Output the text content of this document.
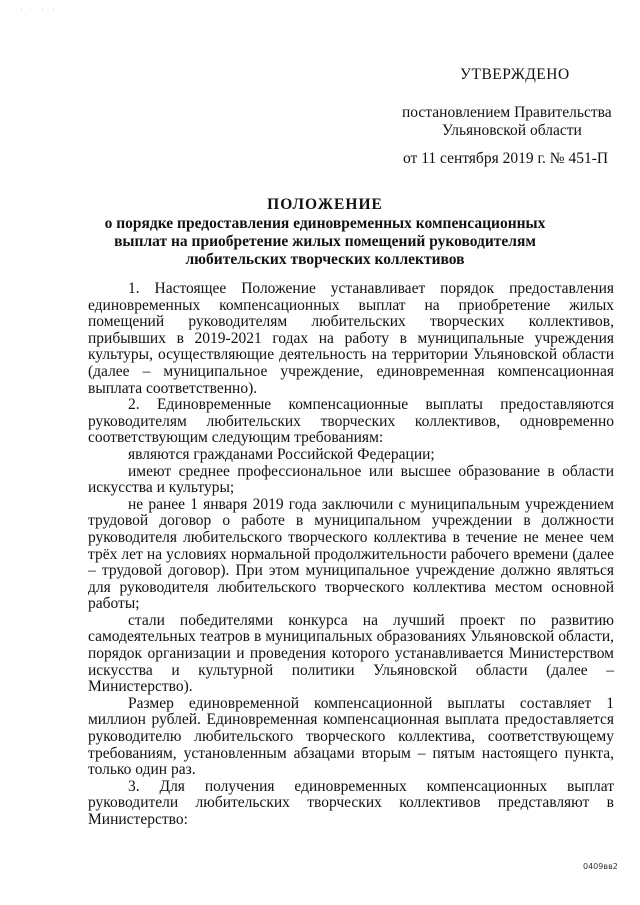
· · · ·
УТВЕРЖДЕНО
постановлением Правительства
Ульяновской области
от 11 сентября 2019 г. № 451-П
ПОЛОЖЕНИЕ
о порядке предоставления единовременных компенсационных выплат на приобретение жилых помещений руководителям любительских творческих коллективов

1. Настоящее Положение устанавливает порядок предоставления единовременных компенсационных выплат на приобретение жилых помещений руководителям любительских творческих коллективов, прибывших в 2019-2021 годах на работу в муниципальные учреждения культуры, осуществляющие деятельность на территории Ульяновской области (далее – муниципальное учреждение, единовременная компенсационная выплата соответственно).

2. Единовременные компенсационные выплаты предоставляются руководителям любительских творческих коллективов, одновременно соответствующим следующим требованиям:

являются гражданами Российской Федерации;

имеют среднее профессиональное или высшее образование в области искусства и культуры;

не ранее 1 января 2019 года заключили с муниципальным учреждением трудовой договор о работе в муниципальном учреждении в должности руководителя любительского творческого коллектива в течение не менее чем трёх лет на условиях нормальной продолжительности рабочего времени (далее – трудовой договор). При этом муниципальное учреждение должно являться для руководителя любительского творческого коллектива местом основной работы;

стали победителями конкурса на лучший проект по развитию самодеятельных театров в муниципальных образованиях Ульяновской области, порядок организации и проведения которого устанавливается Министерством искусства и культурной политики Ульяновской области (далее – Министерство).

Размер единовременной компенсационной выплаты составляет 1 миллион рублей. Единовременная компенсационная выплата предоставляется руководителю любительского творческого коллектива, соответствующему требованиям, установленным абзацами вторым – пятым настоящего пункта, только один раз.

3. Для получения единовременных компенсационных выплат руководители любительских творческих коллективов представляют в Министерство:

0409вв2
